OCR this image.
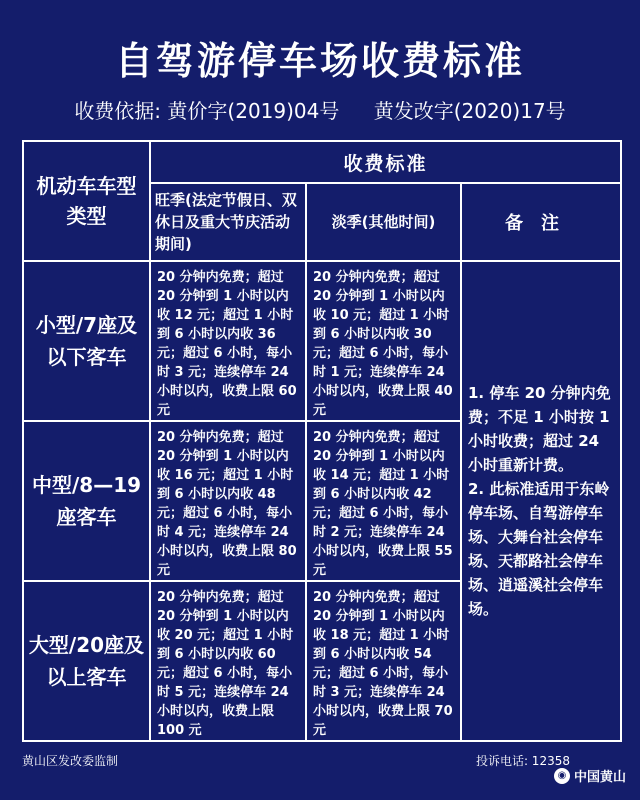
自驾游停车场收费标准
收费依据: 黄价字(2019)04号 黄发改字(2020)17号
机动车车型
类型	收费标准		
	旺季(法定节假日、双休日及重大节庆活动期间)	淡季(其他时间)	备注
小型/7座及以下客车	20 分钟内免费；超过 20 分钟到 1 小时以内收 12 元；超过 1 小时到 6 小时以内收 36 元；超过 6 小时，每小时 3 元；连续停车 24 小时以内，收费上限 60 元	20 分钟内免费；超过 20 分钟到 1 小时以内收 10 元；超过 1 小时到 6 小时以内收 30 元；超过 6 小时，每小时 1 元；连续停车 24 小时以内，收费上限 40 元	1. 停车 20 分钟内免费；不足 1 小时按 1 小时收费；超过 24 小时重新计费。

2. 此标准适用于东岭停车场、自驾游停车场、大舞台社会停车场、天都路社会停车场、逍遥溪社会停车场。

中型/8—19座客车	20 分钟内免费；超过 20 分钟到 1 小时以内收 16 元；超过 1 小时到 6 小时以内收 48 元；超过 6 小时，每小时 4 元；连续停车 24 小时以内，收费上限 80 元	20 分钟内免费；超过 20 分钟到 1 小时以内收 14 元；超过 1 小时到 6 小时以内收 42 元；超过 6 小时，每小时 2 元；连续停车 24 小时以内，收费上限 55 元	
大型/20座及以上客车	20 分钟内免费；超过 20 分钟到 1 小时以内收 20 元；超过 1 小时到 6 小时以内收 60 元；超过 6 小时，每小时 5 元；连续停车 24 小时以内，收费上限 100 元	20 分钟内免费；超过 20 分钟到 1 小时以内收 18 元；超过 1 小时到 6 小时以内收 54 元；超过 6 小时，每小时 3 元；连续停车 24 小时以内，收费上限 70 元	
黄山区发改委监制	投诉电话: 12358
◉ 中国黄山
